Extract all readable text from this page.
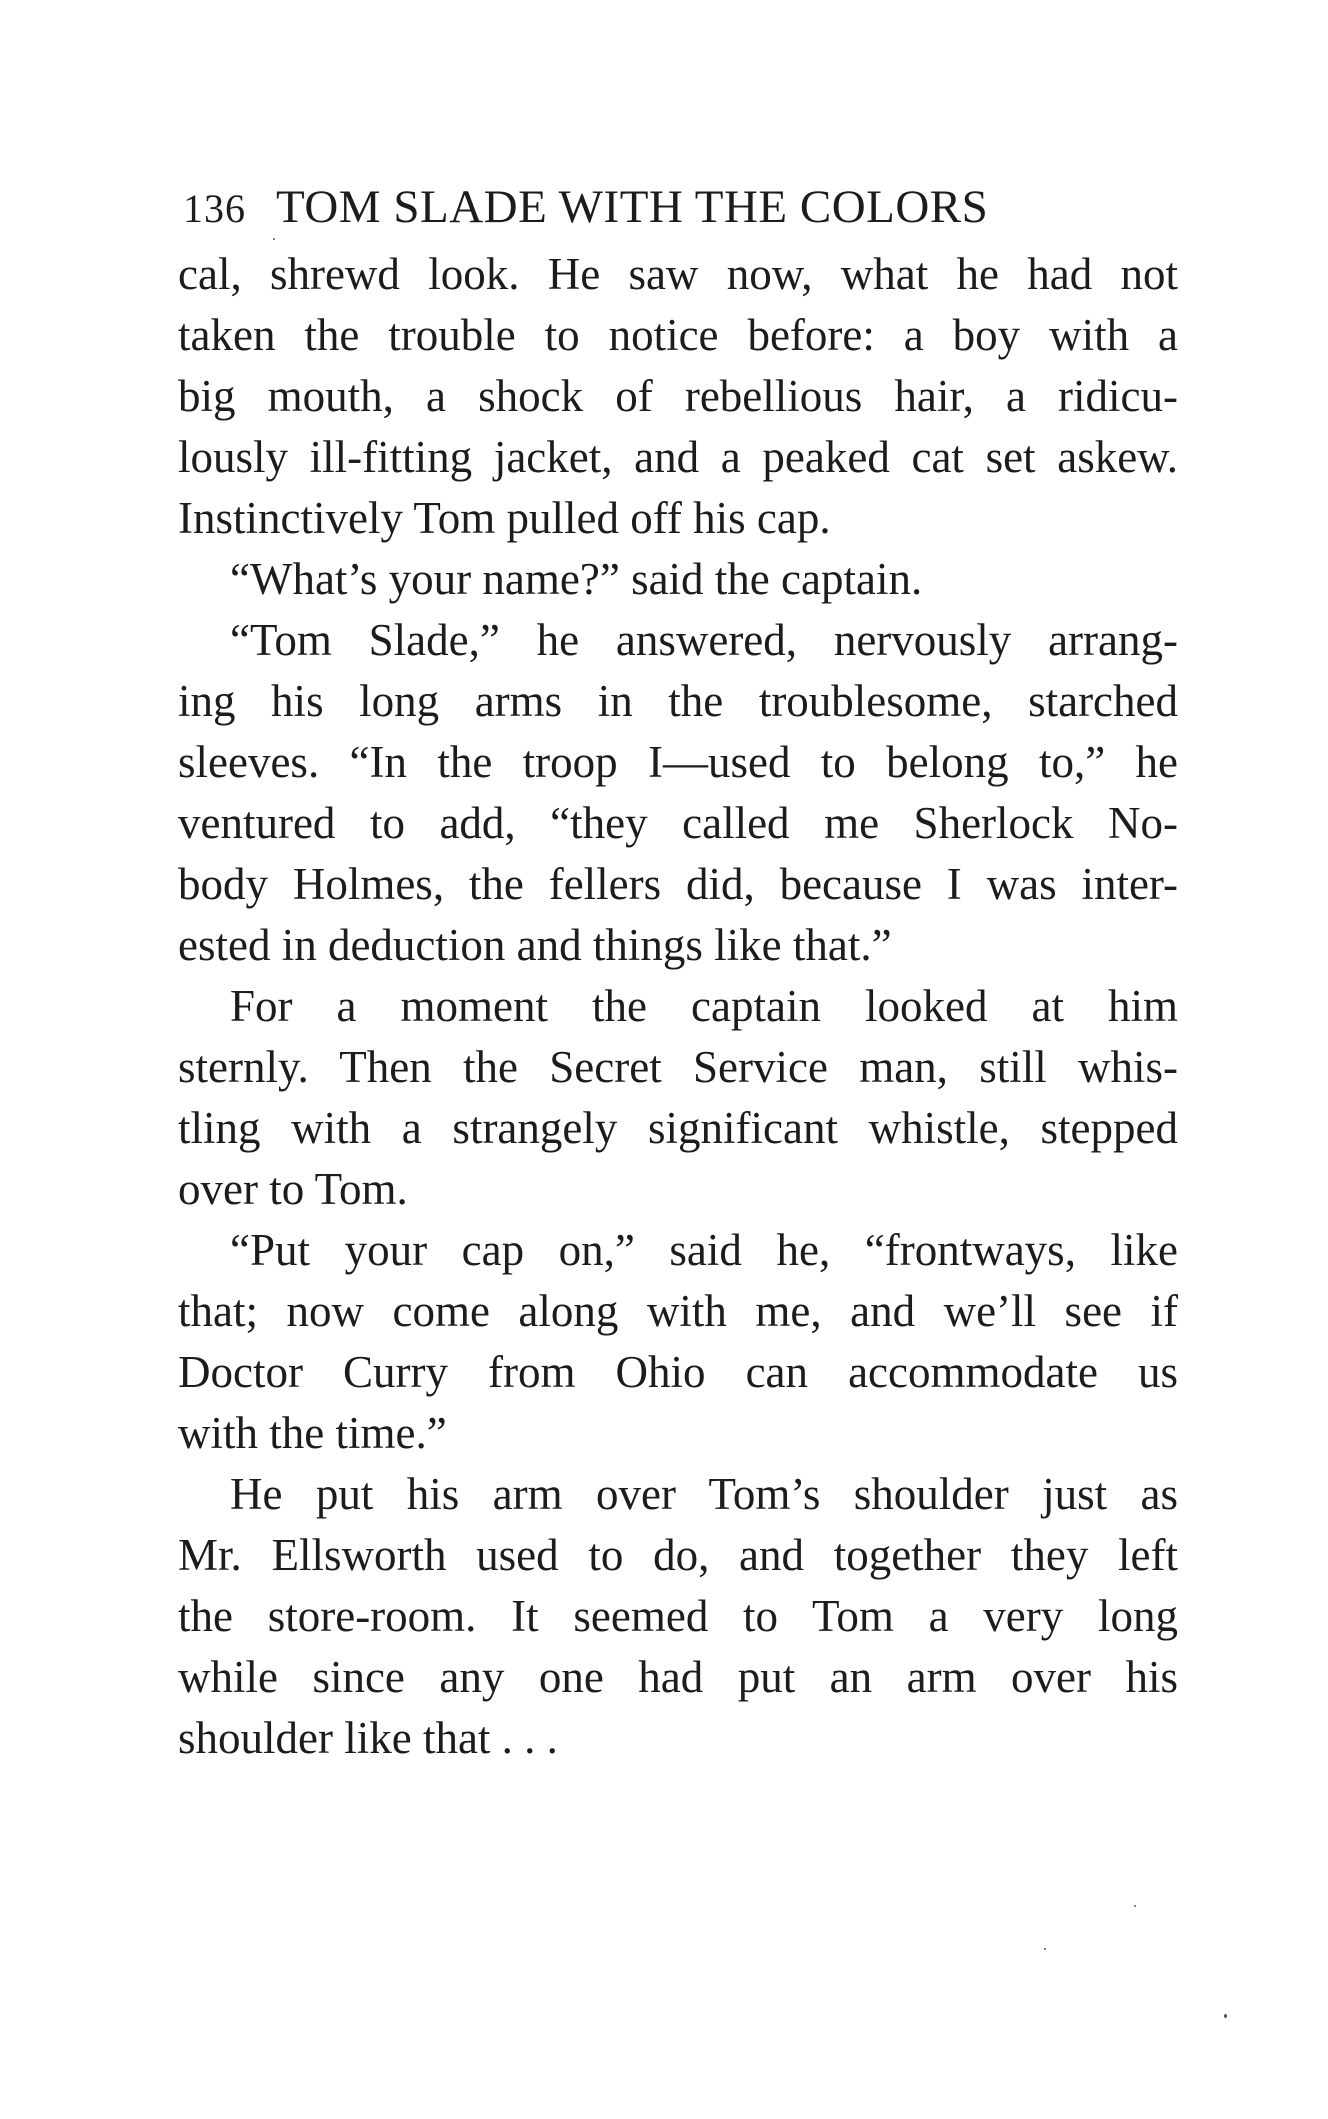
136 TOM SLADE WITH THE COLORS
cal, shrewd look. He saw now, what he had not
taken the trouble to notice before: a boy with a
big mouth, a shock of rebellious hair, a ridicu-
lously ill-fitting jacket, and a peaked cat set askew.
Instinctively Tom pulled off his cap.
“What’s your name?” said the captain.
“Tom Slade,” he answered, nervously arrang-
ing his long arms in the troublesome, starched
sleeves. “In the troop I—used to belong to,” he
ventured to add, “they called me Sherlock No-
body Holmes, the fellers did, because I was inter-
ested in deduction and things like that.”
For a moment the captain looked at him
sternly. Then the Secret Service man, still whis-
tling with a strangely significant whistle, stepped
over to Tom.
“Put your cap on,” said he, “frontways, like
that; now come along with me, and we’ll see if
Doctor Curry from Ohio can accommodate us
with the time.”
He put his arm over Tom’s shoulder just as
Mr. Ellsworth used to do, and together they left
the store-room. It seemed to Tom a very long
while since any one had put an arm over his
shoulder like that . . .
